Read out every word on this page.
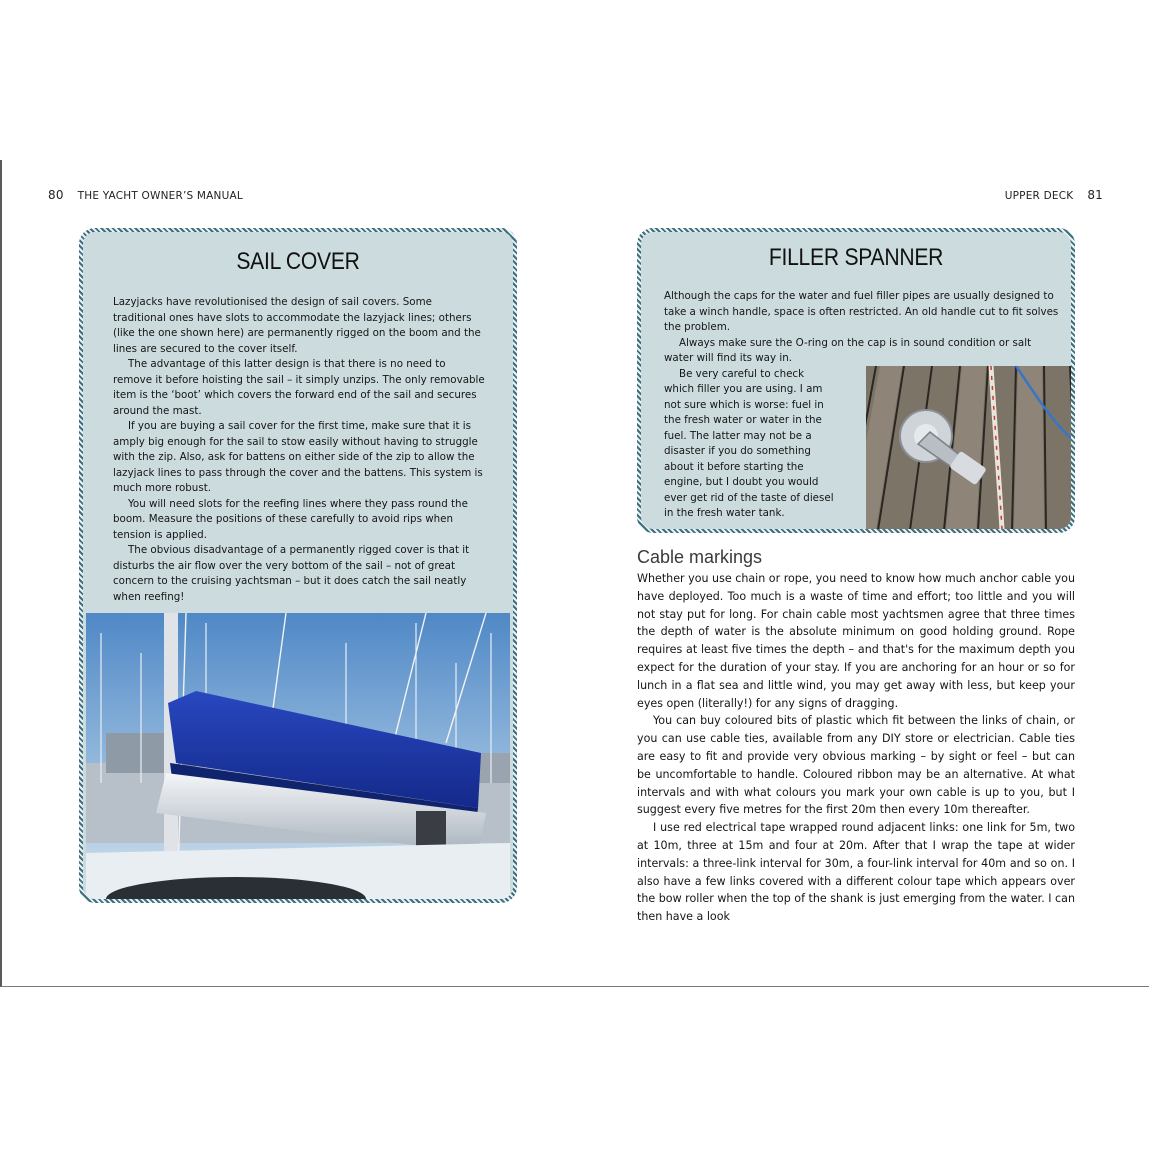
80 THE YACHT OWNER’S MANUAL
SAIL COVER

Lazyjacks have revolutionised the design of sail covers. Some traditional ones have slots to accommodate the lazyjack lines; others (like the one shown here) are permanently rigged on the boom and the lines are secured to the cover itself.

The advantage of this latter design is that there is no need to remove it before hoisting the sail – it simply unzips. The only removable item is the ‘boot’ which covers the forward end of the sail and secures around the mast.

If you are buying a sail cover for the first time, make sure that it is amply big enough for the sail to stow easily without having to struggle with the zip. Also, ask for battens on either side of the zip to allow the lazyjack lines to pass through the cover and the battens. This system is much more robust.

You will need slots for the reefing lines where they pass round the boom. Measure the positions of these carefully to avoid rips when tension is applied.

The obvious disadvantage of a permanently rigged cover is that it disturbs the air flow over the very bottom of the sail – not of great concern to the cruising yachtsman – but it does catch the sail neatly when reefing!

UPPER DECK 81
FILLER SPANNER

Although the caps for the water and fuel filler pipes are usually designed to take a winch handle, space is often restricted. An old handle cut to fit solves the problem.

Always make sure the O-ring on the cap is in sound condition or salt water will find its way in.

Be very careful to check which filler you are using. I am not sure which is worse: fuel in the fresh water or water in the fuel. The latter may not be a disaster if you do something about it before starting the engine, but I doubt you would ever get rid of the taste of diesel in the fresh water tank.

Cable markings

Whether you use chain or rope, you need to know how much anchor cable you have deployed. Too much is a waste of time and effort; too little and you will not stay put for long. For chain cable most yachtsmen agree that three times the depth of water is the absolute minimum on good holding ground. Rope requires at least five times the depth – and that's for the maximum depth you expect for the duration of your stay. If you are anchoring for an hour or so for lunch in a flat sea and little wind, you may get away with less, but keep your eyes open (literally!) for any signs of dragging.

You can buy coloured bits of plastic which fit between the links of chain, or you can use cable ties, available from any DIY store or electrician. Cable ties are easy to fit and provide very obvious marking – by sight or feel – but can be uncomfortable to handle. Coloured ribbon may be an alternative. At what intervals and with what colours you mark your own cable is up to you, but I suggest every five metres for the first 20m then every 10m thereafter.

I use red electrical tape wrapped round adjacent links: one link for 5m, two at 10m, three at 15m and four at 20m. After that I wrap the tape at wider intervals: a three-link interval for 30m, a four-link interval for 40m and so on. I also have a few links covered with a different colour tape which appears over the bow roller when the top of the shank is just emerging from the water. I can then have a look
